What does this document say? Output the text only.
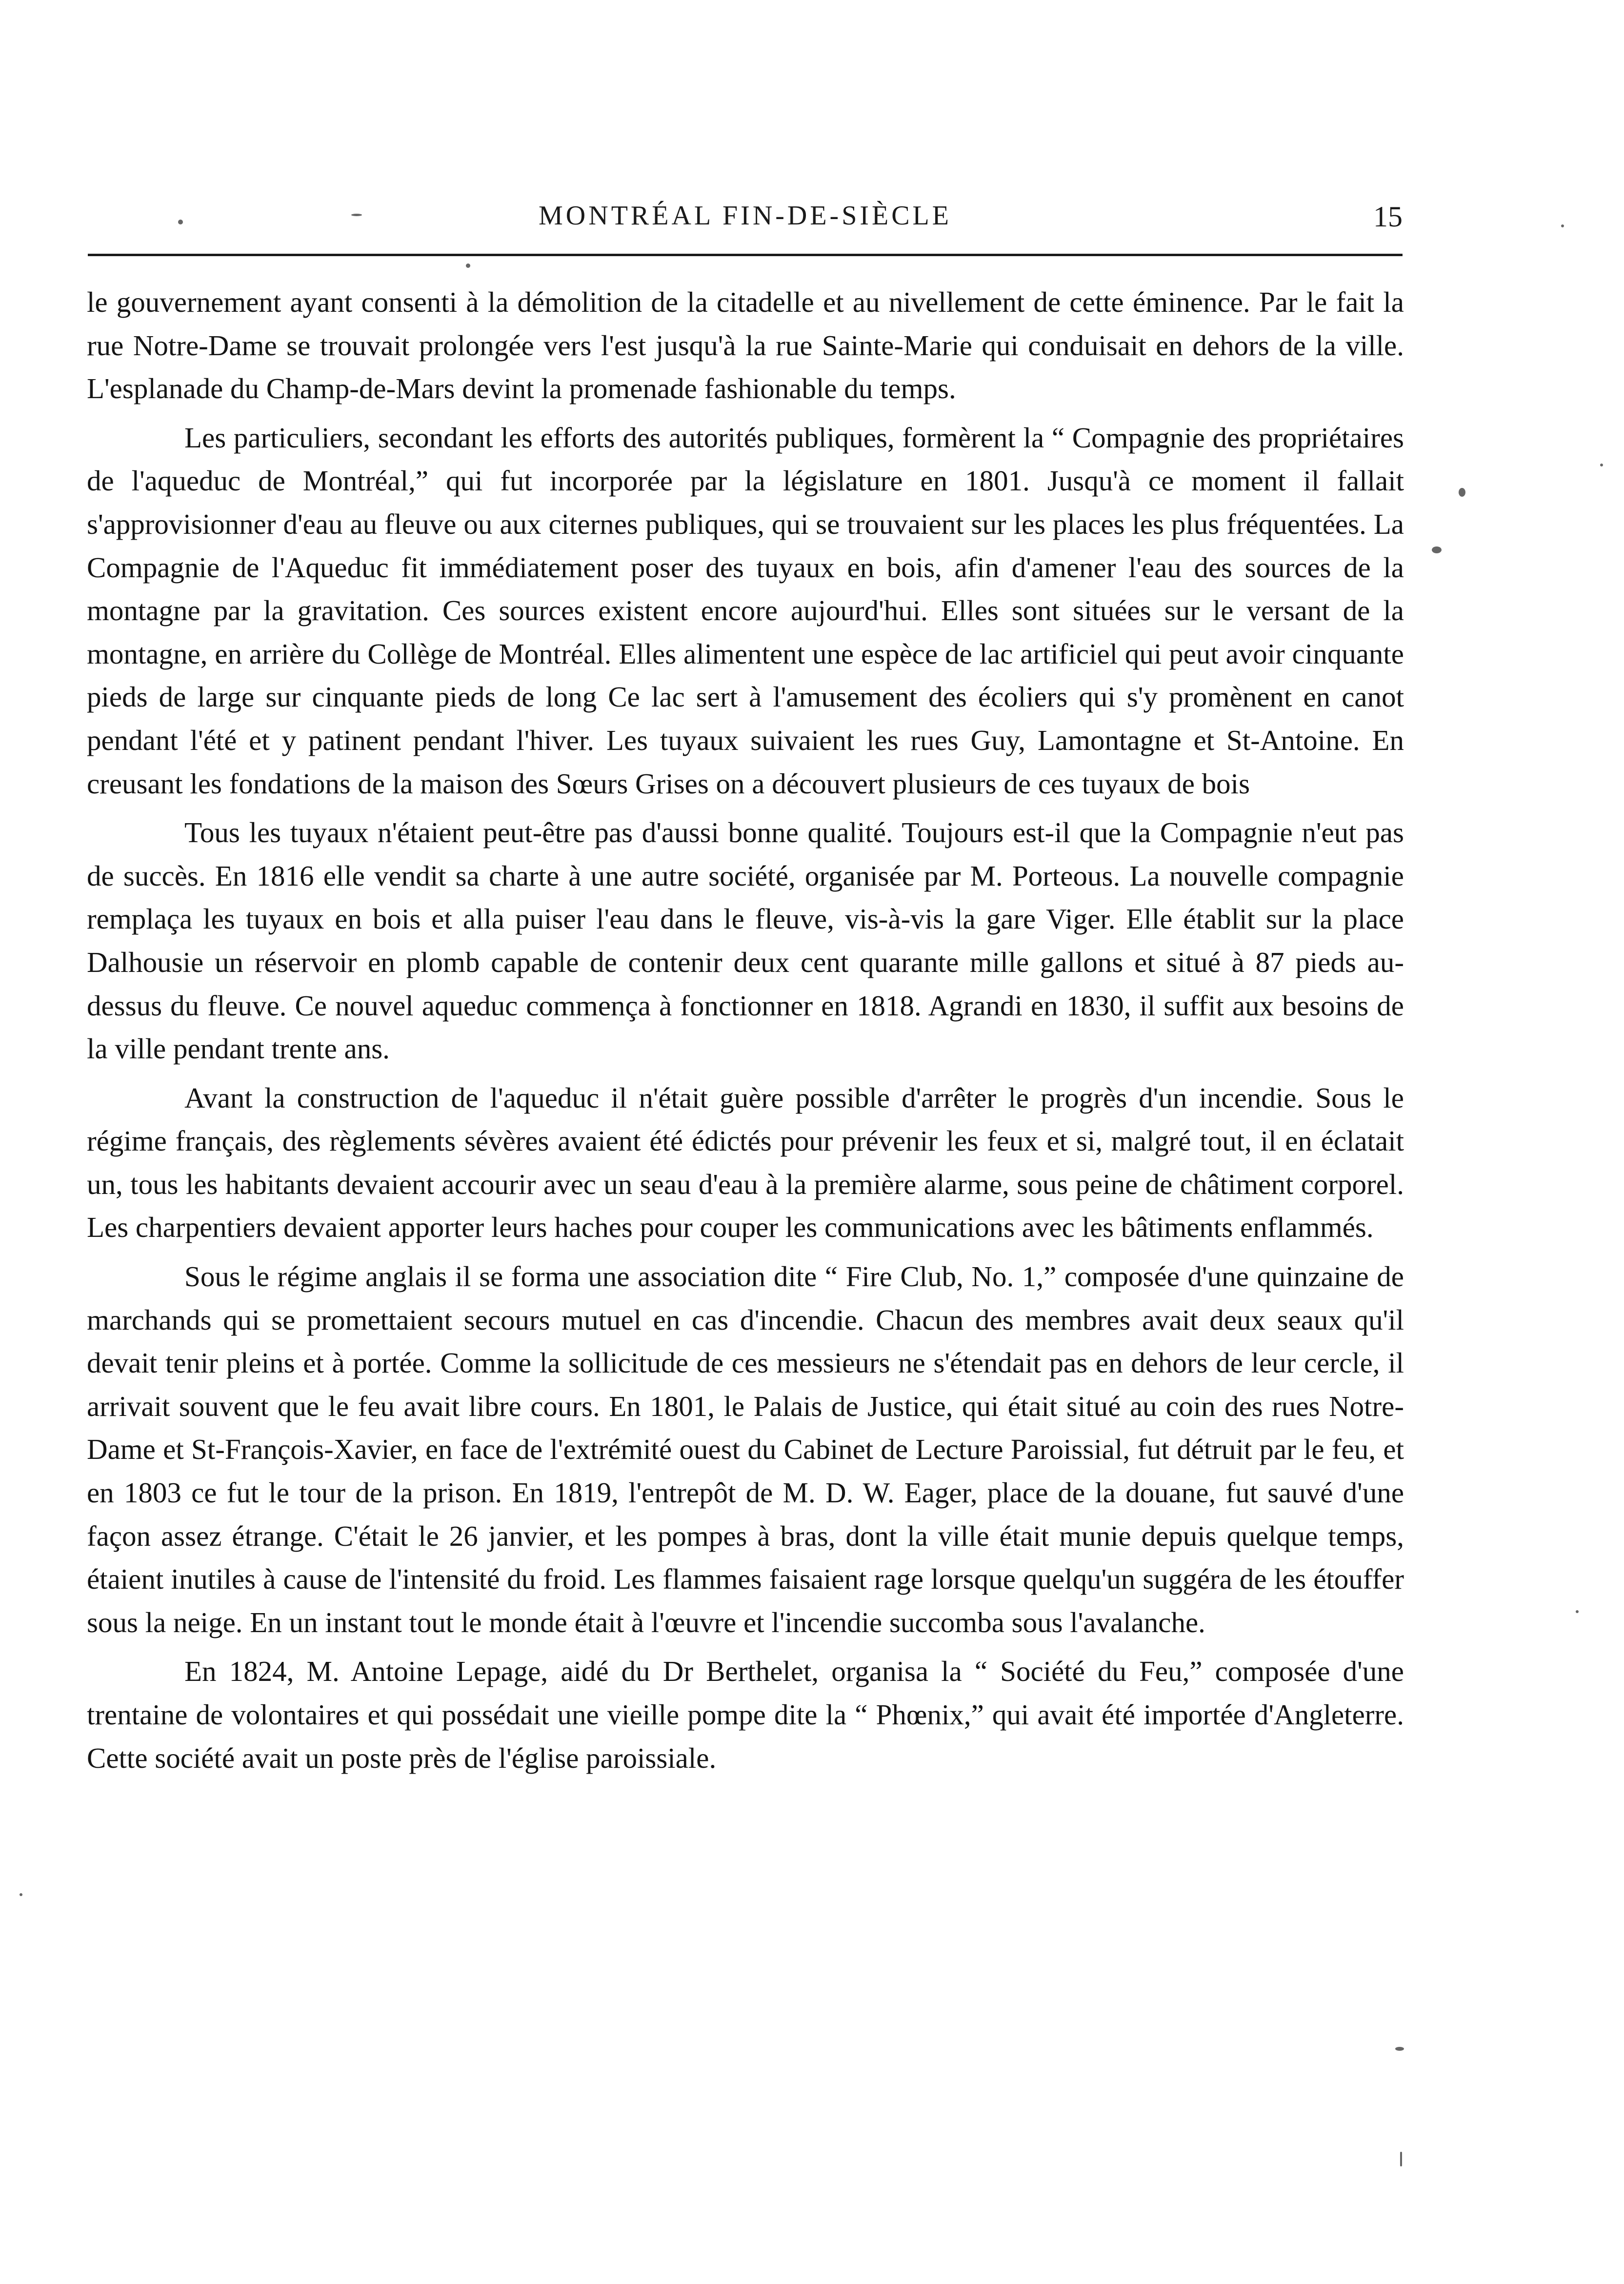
MONTRÉAL FIN-DE-SIÈCLE	15

le gouvernement ayant consenti à la démolition de la citadelle et au nivellement de cette éminence. Par le fait la rue Notre-Dame se trouvait prolongée vers l'est jusqu'à la rue Sainte-Marie qui conduisait en dehors de la ville. L'esplanade du Champ-de-Mars devint la promenade fashionable du temps.

Les particuliers, secondant les efforts des autorités publiques, formèrent la “ Compagnie des propriétaires de l'aqueduc de Montréal,” qui fut incorporée par la législature en 1801. Jusqu'à ce moment il fallait s'approvisionner d'eau au fleuve ou aux citernes publiques, qui se trouvaient sur les places les plus fréquentées. La Compagnie de l'Aqueduc fit immédiatement poser des tuyaux en bois, afin d'amener l'eau des sources de la montagne par la gravitation. Ces sources existent encore aujourd'hui. Elles sont situées sur le versant de la montagne, en arrière du Collège de Montréal. Elles alimentent une espèce de lac artificiel qui peut avoir cinquante pieds de large sur cinquante pieds de long Ce lac sert à l'amusement des écoliers qui s'y promènent en canot pendant l'été et y patinent pendant l'hiver. Les tuyaux suivaient les rues Guy, Lamontagne et St-Antoine. En creusant les fondations de la maison des Sœurs Grises on a découvert plusieurs de ces tuyaux de bois

Tous les tuyaux n'étaient peut-être pas d'aussi bonne qualité. Toujours est-il que la Compagnie n'eut pas de succès. En 1816 elle vendit sa charte à une autre société, organisée par M. Porteous. La nouvelle compagnie remplaça les tuyaux en bois et alla puiser l'eau dans le fleuve, vis-à-vis la gare Viger. Elle établit sur la place Dalhousie un réservoir en plomb capable de contenir deux cent quarante mille gallons et situé à 87 pieds au-dessus du fleuve. Ce nouvel aqueduc commença à fonctionner en 1818. Agrandi en 1830, il suffit aux besoins de la ville pendant trente ans.

Avant la construction de l'aqueduc il n'était guère possible d'arrêter le progrès d'un incendie. Sous le régime français, des règlements sévères avaient été édictés pour prévenir les feux et si, malgré tout, il en éclatait un, tous les habitants devaient accourir avec un seau d'eau à la première alarme, sous peine de châtiment corporel. Les charpentiers devaient apporter leurs haches pour couper les communications avec les bâtiments enflammés.

Sous le régime anglais il se forma une association dite “ Fire Club, No. 1,” composée d'une quinzaine de marchands qui se promettaient secours mutuel en cas d'incendie. Chacun des membres avait deux seaux qu'il devait tenir pleins et à portée. Comme la sollicitude de ces messieurs ne s'étendait pas en dehors de leur cercle, il arrivait souvent que le feu avait libre cours. En 1801, le Palais de Justice, qui était situé au coin des rues Notre-Dame et St-François-Xavier, en face de l'extrémité ouest du Cabinet de Lecture Paroissial, fut détruit par le feu, et en 1803 ce fut le tour de la prison. En 1819, l'entrepôt de M. D. W. Eager, place de la douane, fut sauvé d'une façon assez étrange. C'était le 26 janvier, et les pompes à bras, dont la ville était munie depuis quelque temps, étaient inutiles à cause de l'intensité du froid. Les flammes faisaient rage lorsque quelqu'un suggéra de les étouffer sous la neige. En un instant tout le monde était à l'œuvre et l'incendie succomba sous l'avalanche.

En 1824, M. Antoine Lepage, aidé du Dr Berthelet, organisa la “ Société du Feu,” composée d'une trentaine de volontaires et qui possédait une vieille pompe dite la “ Phœnix,” qui avait été importée d'Angleterre. Cette société avait un poste près de l'église paroissiale.
